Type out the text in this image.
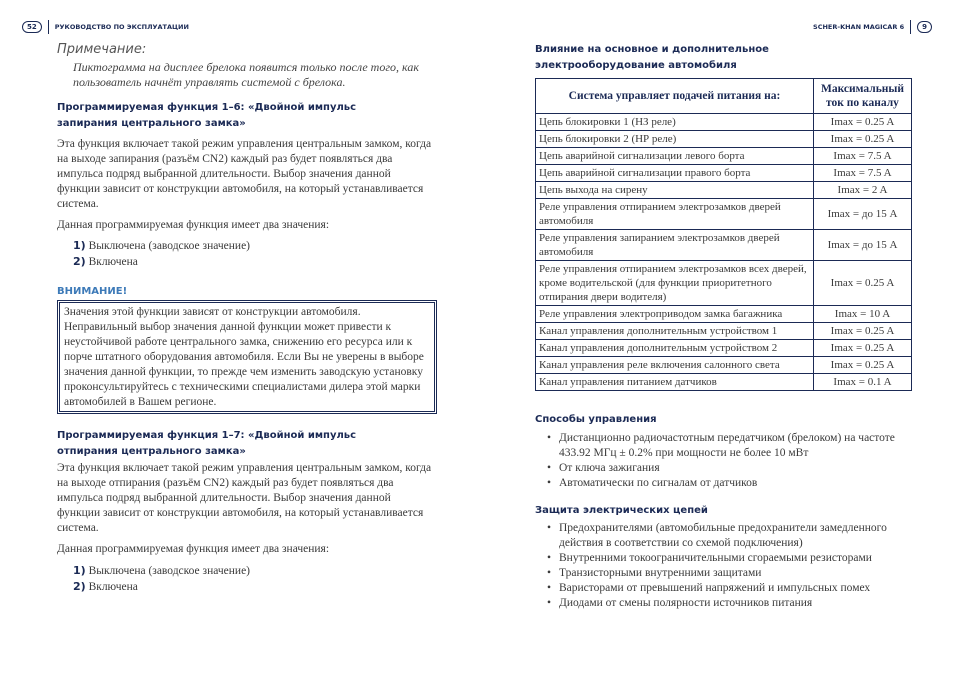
52	РУКОВОДСТВО ПО ЭКСПЛУАТАЦИИ	SCHER-KHAN MAGICAR 6	9
Примечание:
Пиктограмма на дисплее брелока появится только после того, как пользователь начнёт управлять системой с брелока.
Программируемая функция 1–6: «Двойной импульс запирания центрального замка»

Эта функция включает такой режим управления центральным замком, когда на выходе запирания (разъём CN2) каждый раз будет появляться два импульса подряд выбранной длительности. Выбор значения данной функции зависит от конструкции автомобиля, на который устанавливается система.

Данная программируемая функция имеет два значения:

1) Выключена (заводское значение)
2) Включена
ВНИМАНИЕ!

Значения этой функции зависят от конструкции автомобиля. Неправильный выбор значения данной функции может привести к неустойчивой работе центрального замка, снижению его ресурса или к порче штатного оборудования автомобиля. Если Вы не уверены в выборе значения данной функции, то прежде чем изменить заводскую установку проконсультируйтесь с техническими специалистами дилера этой марки автомобилей в Вашем регионе.

Программируемая функция 1–7: «Двойной импульс отпирания центрального замка»

Эта функция включает такой режим управления центральным замком, когда на выходе отпирания (разъём CN2) каждый раз будет появляться два импульса подряд выбранной длительности. Выбор значения данной функции зависит от конструкции автомобиля, на который устанавливается система.

Данная программируемая функция имеет два значения:

1) Выключена (заводское значение)
2) Включена
Влияние на основное и дополнительное электрооборудование автомобиля
Система управляет подачей питания на:	Максимальный ток по каналу
Цепь блокировки 1 (НЗ реле)	Imax = 0.25 A
Цепь блокировки 2 (НР реле)	Imax = 0.25 A
Цепь аварийной сигнализации левого борта	Imax = 7.5 A
Цепь аварийной сигнализации правого борта	Imax = 7.5 A
Цепь выхода на сирену	Imax = 2 A
Реле управления отпиранием электрозамков дверей автомобиля	Imax = до 15 A
Реле управления запиранием электрозамков дверей автомобиля	Imax = до 15 A
Реле управления отпиранием электрозамков всех дверей, кроме водительской (для функции приоритетного отпирания двери водителя)	Imax = 0.25 A
Реле управления электроприводом замка багажника	Imax = 10 A
Канал управления дополнительным устройством 1	Imax = 0.25 A
Канал управления дополнительным устройством 2	Imax = 0.25 A
Канал управления реле включения салонного света	Imax = 0.25 A
Канал управления питанием датчиков	Imax = 0.1 A
Способы управления
• Дистанционно радиочастотным передатчиком (брелоком) на частоте 433.92 МГц ± 0.2% при мощности не более 10 мВт
• От ключа зажигания
• Автоматически по сигналам от датчиков
Защита электрических цепей
• Предохранителями (автомобильные предохранители замедленного действия в соответствии со схемой подключения)
• Внутренними токоограничительными сгораемыми резисторами
• Транзисторными внутренними защитами
• Варисторами от превышений напряжений и импульсных помех
• Диодами от смены полярности источников питания
